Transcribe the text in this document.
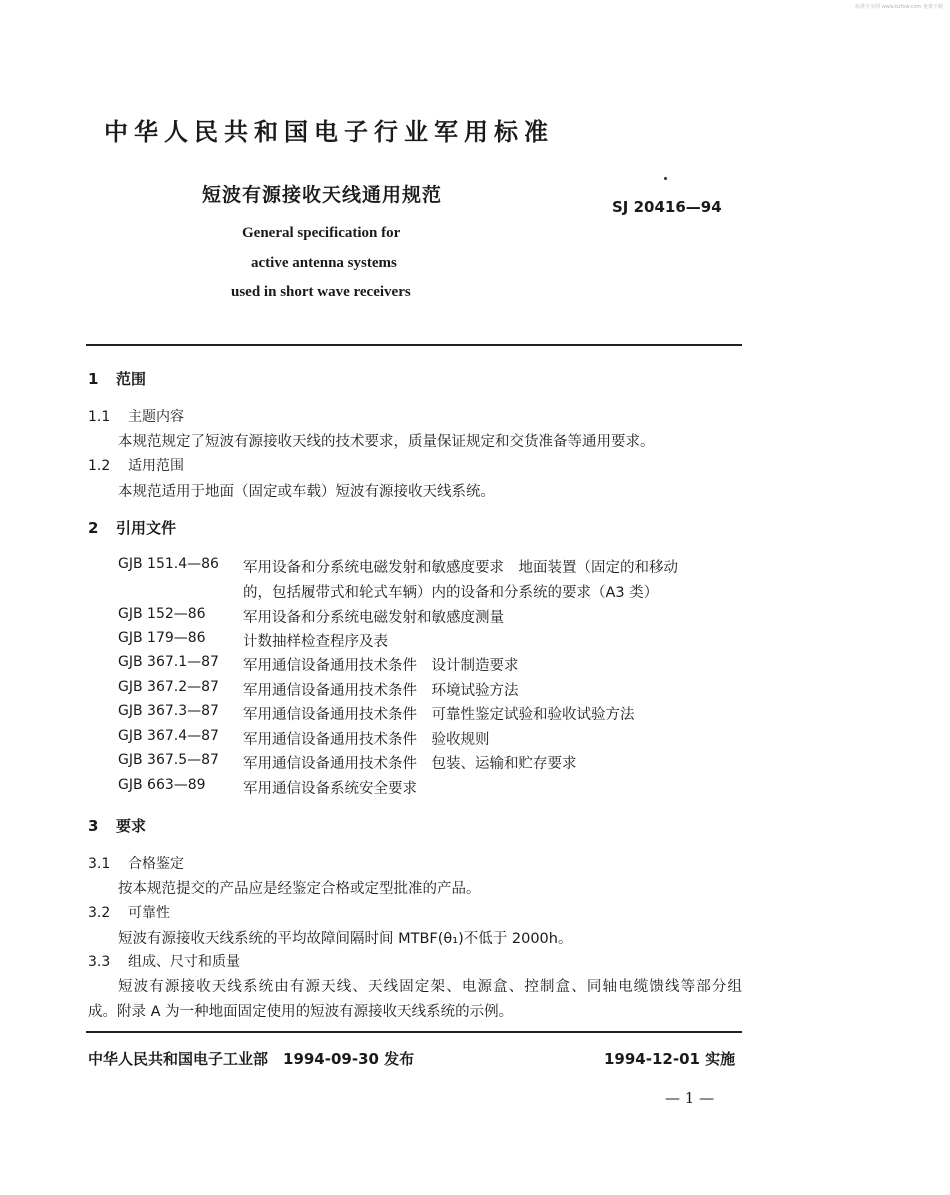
标准分享网 www.bzfxw.com 免费下载
中华人民共和国电子行业军用标准
短波有源接收天线通用规范
SJ 20416—94
General specification for
active antenna systems
used in short wave receivers
1 范围
1.1 主题内容
本规范规定了短波有源接收天线的技术要求，质量保证规定和交货准备等通用要求。
1.2 适用范围
本规范适用于地面（固定或车载）短波有源接收天线系统。
2 引用文件
GJB 151.4—86 军用设备和分系统电磁发射和敏感度要求　地面装置（固定的和移动
的，包括履带式和轮式车辆）内的设备和分系统的要求（A3 类）
GJB 152—86	军用设备和分系统电磁发射和敏感度测量
GJB 179—86	计数抽样检查程序及表
GJB 367.1—87 军用通信设备通用技术条件　设计制造要求
GJB 367.2—87 军用通信设备通用技术条件　环境试验方法
GJB 367.3—87 军用通信设备通用技术条件　可靠性鉴定试验和验收试验方法
GJB 367.4—87 军用通信设备通用技术条件　验收规则
GJB 367.5—87 军用通信设备通用技术条件　包装、运输和贮存要求
GJB 663—89	军用通信设备系统安全要求
3 要求
3.1 合格鉴定
按本规范提交的产品应是经鉴定合格或定型批准的产品。
3.2 可靠性
短波有源接收天线系统的平均故障间隔时间 MTBF(θ₁)不低于 2000h。
3.3 组成、尺寸和质量
短波有源接收天线系统由有源天线、天线固定架、电源盒、控制盒、同轴电缆馈线等部分组
成。附录 A 为一种地面固定使用的短波有源接收天线系统的示例。
中华人民共和国电子工业部　1994-09-30 发布	1994-12-01 实施
— 1 —
